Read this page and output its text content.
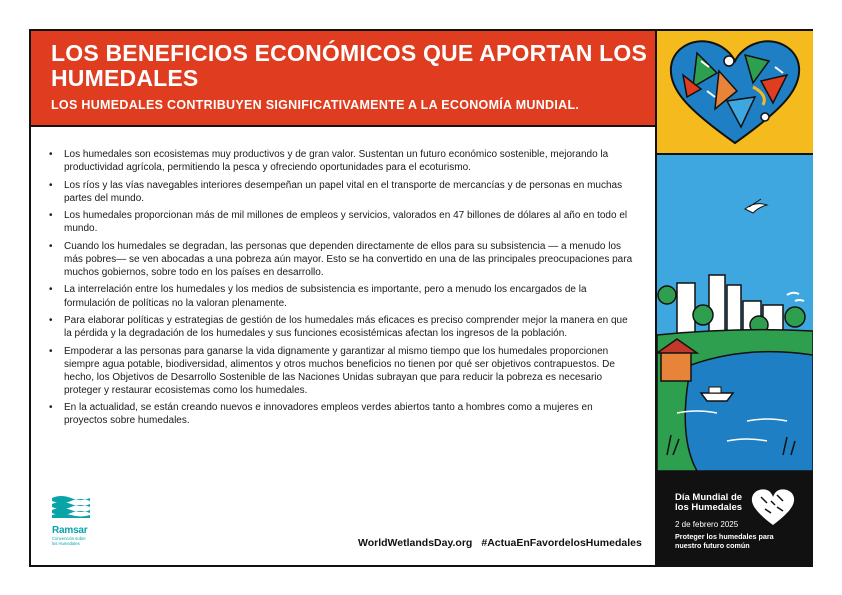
LOS BENEFICIOS ECONÓMICOS QUE APORTAN LOS HUMEDALES

LOS HUMEDALES CONTRIBUYEN SIGNIFICATIVAMENTE A LA ECONOMÍA MUNDIAL.

• Los humedales son ecosistemas muy productivos y de gran valor. Sustentan un futuro económico sostenible, mejorando la productividad agrícola, permitiendo la pesca y ofreciendo oportunidades para el ecoturismo.
• Los ríos y las vías navegables interiores desempeñan un papel vital en el transporte de mercancías y de personas en muchas partes del mundo.
• Los humedales proporcionan más de mil millones de empleos y servicios, valorados en 47 billones de dólares al año en todo el mundo.
• Cuando los humedales se degradan, las personas que dependen directamente de ellos para su subsistencia — a menudo los más pobres— se ven abocadas a una pobreza aún mayor. Esto se ha convertido en una de las principales preocupaciones para muchos gobiernos, sobre todo en los países en desarrollo.
• La interrelación entre los humedales y los medios de subsistencia es importante, pero a menudo los encargados de la formulación de políticas no la valoran plenamente.
• Para elaborar políticas y estrategias de gestión de los humedales más eficaces es preciso comprender mejor la manera en que la pérdida y la degradación de los humedales y sus funciones ecosistémicas afectan los ingresos de la población.
• Empoderar a las personas para ganarse la vida dignamente y garantizar al mismo tiempo que los humedales proporcionen siempre agua potable, biodiversidad, alimentos y otros muchos beneficios no tienen por qué ser objetivos contrapuestos. De hecho, los Objetivos de Desarrollo Sostenible de las Naciones Unidas subrayan que para reducir la pobreza es necesario proteger y restaurar ecosistemas como los humedales.
• En la actualidad, se están creando nuevos e innovadores empleos verdes abiertos tanto a hombres como a mujeres en proyectos sobre humedales.
Ramsar
Convención sobre
los Humedales	WorldWetlandsDay.org #ActuaEnFavordelosHumedales
Día Mundial de los Humedales
2 de febrero 2025
Proteger los humedales para nuestro futuro común
